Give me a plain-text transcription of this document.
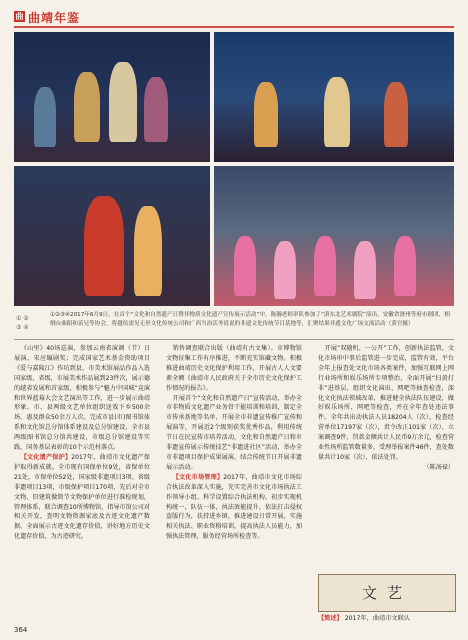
曲 曲靖年鉴
① ②
③ ④
①②③④2017年6月9日，在首个“文化和自然遗产日暨非物质文化遗产宣传展示活动”中，陈瀚老师率队参加了“滇东北艺术剧院”演出，安徽省滑州等府市剧团，相纲台曲阳和苗兄等协会，将越给需见无形文化传统公司和广西当治活务说说的非遗文化传统节目基地等，汇聚结果非遗文化广场交流活动（黄官摄）

《山里》40场巡演，参加云南省演调（节）日展演、宋应编剧奖；完成国家艺术基金资助项目《爱与嘉陵江》作坊到县，市美术馆展品作品入选国家级、省级，市展美术作品展到23件次，展示德的越省发展和首家级、积极参与“魅力中国城”竞演和世界蓝莓大会文艺演出等工作，进一步展示曲靖形象。市、县两级文艺单位组织送戏下乡500余场，惠及群众50余万人次。完成市县(市)图书馆体系和文化馆总分馆体系建设及总分馆建设，全市县两级图书馆总分馆共建设，市级总分馆建设等实践，国务基层表彰的10个示范村落点。

【文化遗产保护】2017年，曲靖市文化遗产保护取得新成就。全市现有国保单位9处，省保单位21处，市保单位52处，国家级非遗项目3项、省级非遗项目13项，市级保护项目170项，先后对全市文物、旧建筑做简节文物保护单位进行准检规划，管理体系，联合调查10所博物馆，指导市馆公司对相关开发，查明文物资源家底及古迹文化遗产数据，全面展示古迹文化遗存价值，讲好地方历史文化遗存价值，为古迹研究。

销售调查联合出版（曲靖有古文集）。市博物馆文物征集工作有序推进，不断充实馆藏文物。积极推进曲靖历史文化保护利用工作，开展古人人文要素全额《曲靖市人民政府关于全市历史文化保护工作情况的报告》。

开展首个“文化和自然遗产日”宣传活动，举办全市非物质文化遗产业务骨干能培训和培训，制定全市传承基地等名单，开展全市非遗宣传推广宣传和展演等，开展近2个级别获奖优秀作品，利用传统节日在民宣传市培养活动，文化和自然遗产日和市非遗宣传展示传统技艺“非遗进社区”活动，举办全市非遗项目保护成果展演，结合传统节日开展非遗展示活动。

【文化市场管理】2017年，曲靖市文化市场综合执法改革深入实施，充实完善市文化市场执法工作领导小组、科学设置综合执法机构，初步实现机构统一、队伍一体，执法效能提升，依法打击侵权盗版行为，扶持进乡镇、推进建设日常开展，实施相关执法、职业资格培训，提高执法人员能力，加强执法管理，服务经营场所检查等。

开展“双随机、一公开”工作，创新执法监管，文化市场审中事后监管进一步完成，监管有效，平台全年上报查处文化市场各类案件，加强互联网上网行业场所和娱乐场所专项整治，全面开展“扫黄打非”进基层，组织文化演出、网吧等抽查检查，深化文化执法领域改革，推进健全执法队伍建设，做好娱乐场所、网吧等检查，并在全年查处违法事件。全年共出动执法人员18204人（次），检查经营单位17197家（次），责令改正101家（次），立案调查9件，罚款金额共计人民币9万余元，检查营业性场所监管数量多，受理举报案件46件，查处数量共计10家（次），依法处罚。

（陈汤禄）
文艺
【简述】 2017年，曲靖市文联认
364
